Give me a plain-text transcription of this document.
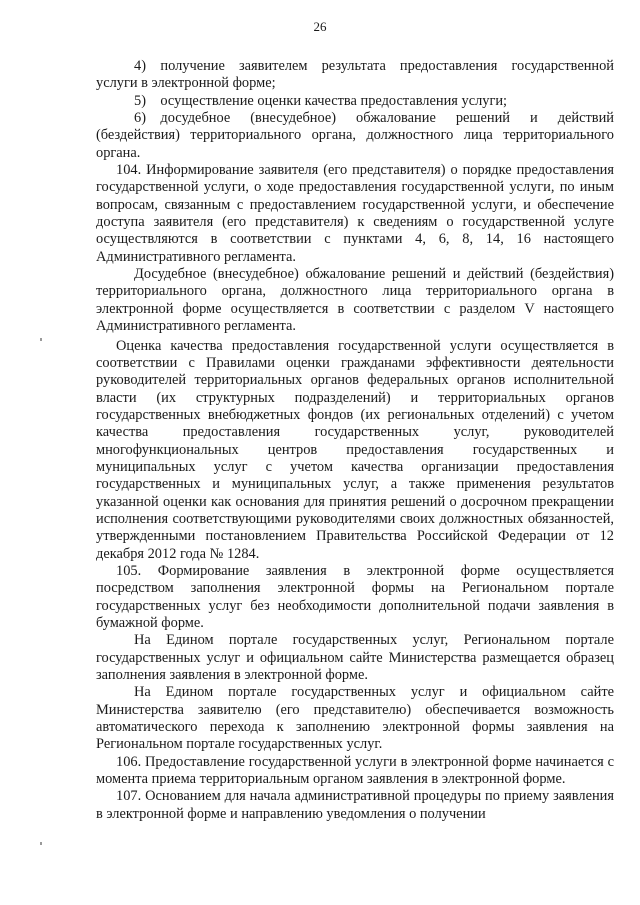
26

4) получение заявителем результата предоставления государственной услуги в электронной форме;

5) осуществление оценки качества предоставления услуги;

6) досудебное (внесудебное) обжалование решений и действий (бездействия) территориального органа, должностного лица территориального органа.

104. Информирование заявителя (его представителя) о порядке предоставления государственной услуги, о ходе предоставления государственной услуги, по иным вопросам, связанным с предоставлением государственной услуги, и обеспечение доступа заявителя (его представителя) к сведениям о государственной услуге осуществляются в соответствии с пунктами 4, 6, 8, 14, 16 настоящего Административного регламента.

Досудебное (внесудебное) обжалование решений и действий (бездействия) территориального органа, должностного лица территориального органа в электронной форме осуществляется в соответствии с разделом V настоящего Административного регламента.

Оценка качества предоставления государственной услуги осуществляется в соответствии с Правилами оценки гражданами эффективности деятельности руководителей территориальных органов федеральных органов исполнительной власти (их структурных подразделений) и территориальных органов государственных внебюджетных фондов (их региональных отделений) с учетом качества предоставления государственных услуг, руководителей многофункциональных центров предоставления государственных и муниципальных услуг с учетом качества организации предоставления государственных и муниципальных услуг, а также применения результатов указанной оценки как основания для принятия решений о досрочном прекращении исполнения соответствующими руководителями своих должностных обязанностей, утвержденными постановлением Правительства Российской Федерации от 12 декабря 2012 года № 1284.

105. Формирование заявления в электронной форме осуществляется посредством заполнения электронной формы на Региональном портале государственных услуг без необходимости дополнительной подачи заявления в бумажной форме.

На Едином портале государственных услуг, Региональном портале государственных услуг и официальном сайте Министерства размещается образец заполнения заявления в электронной форме.

На Едином портале государственных услуг и официальном сайте Министерства заявителю (его представителю) обеспечивается возможность автоматического перехода к заполнению электронной формы заявления на Региональном портале государственных услуг.

106. Предоставление государственной услуги в электронной форме начинается с момента приема территориальным органом заявления в электронной форме.

107. Основанием для начала административной процедуры по приему заявления в электронной форме и направлению уведомления о получении
